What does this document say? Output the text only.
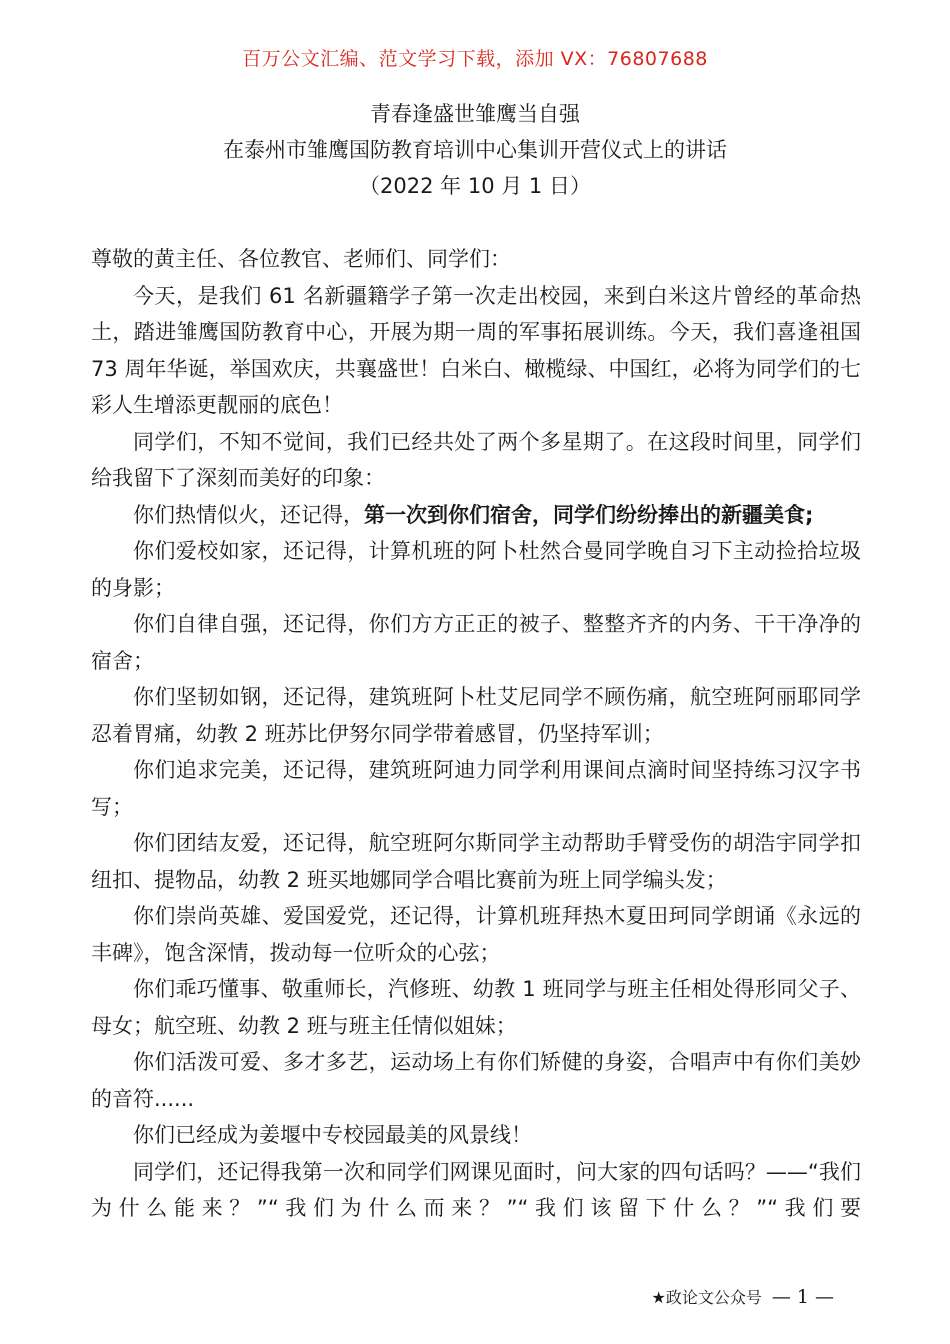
百万公文汇编、范文学习下载，添加 VX：76807688
青春逢盛世雏鹰当自强
在泰州市雏鹰国防教育培训中心集训开营仪式上的讲话
（2022 年 10 月 1 日）

尊敬的黄主任、各位教官、老师们、同学们：

今天，是我们 61 名新疆籍学子第一次走出校园，来到白米这片曾经的革命热土，踏进雏鹰国防教育中心，开展为期一周的军事拓展训练。今天，我们喜逢祖国 73 周年华诞，举国欢庆，共襄盛世！白米白、橄榄绿、中国红，必将为同学们的七彩人生增添更靓丽的底色！

同学们，不知不觉间，我们已经共处了两个多星期了。在这段时间里，同学们给我留下了深刻而美好的印象：

你们热情似火，还记得，第一次到你们宿舍，同学们纷纷捧出的新疆美食;

你们爱校如家，还记得，计算机班的阿卜杜然合曼同学晚自习下主动捡拾垃圾的身影；

你们自律自强，还记得，你们方方正正的被子、整整齐齐的内务、干干净净的宿舍；

你们坚韧如钢，还记得，建筑班阿卜杜艾尼同学不顾伤痛，航空班阿丽耶同学忍着胃痛，幼教 2 班苏比伊努尔同学带着感冒，仍坚持军训；

你们追求完美，还记得，建筑班阿迪力同学利用课间点滴时间坚持练习汉字书写；

你们团结友爱，还记得，航空班阿尔斯同学主动帮助手臂受伤的胡浩宇同学扣纽扣、提物品，幼教 2 班买地娜同学合唱比赛前为班上同学编头发；

你们崇尚英雄、爱国爱党，还记得，计算机班拜热木夏田珂同学朗诵《永远的丰碑》，饱含深情，拨动每一位听众的心弦；

你们乖巧懂事、敬重师长，汽修班、幼教 1 班同学与班主任相处得形同父子、母女；航空班、幼教 2 班与班主任情似姐妹；

你们活泼可爱、多才多艺，运动场上有你们矫健的身姿，合唱声中有你们美妙的音符......

你们已经成为姜堰中专校园最美的风景线！

同学们，还记得我第一次和同学们网课见面时，问大家的四句话吗？——“我们为什么能来？”“我们为什么而来？”“我们该留下什么？”“我们要

★政论文公众号 — 1 —
